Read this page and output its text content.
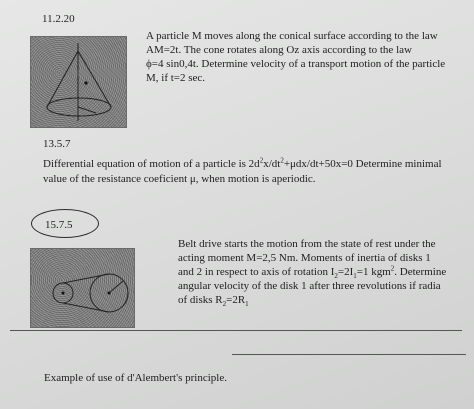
11.2.20
A particle M moves along the conical surface according to the law
AM=2t. The cone rotates along Oz axis according to the law
ϕ=4 sin0,4t. Determine velocity of a transport motion of the particle
M, if t=2 sec.
13.5.7
Differential equation of motion of a particle is $2d^2x/dt^2+\mu dx/dt+50x=0$ Determine minimal
value of the resistance coeficient μ, when motion is aperiodic.
15.7.5
Belt drive starts the motion from the state of rest under the
acting moment M=2,5 Nm. Moments of inertia of disks 1
and 2 in respect to axis of rotation $I_2=2I_1=1$ kgm$^2$. Determine
angular velocity of the disk 1 after three revolutions if radia
of disks $R_2=2R_1$
Example of use of d'Alembert's principle.
